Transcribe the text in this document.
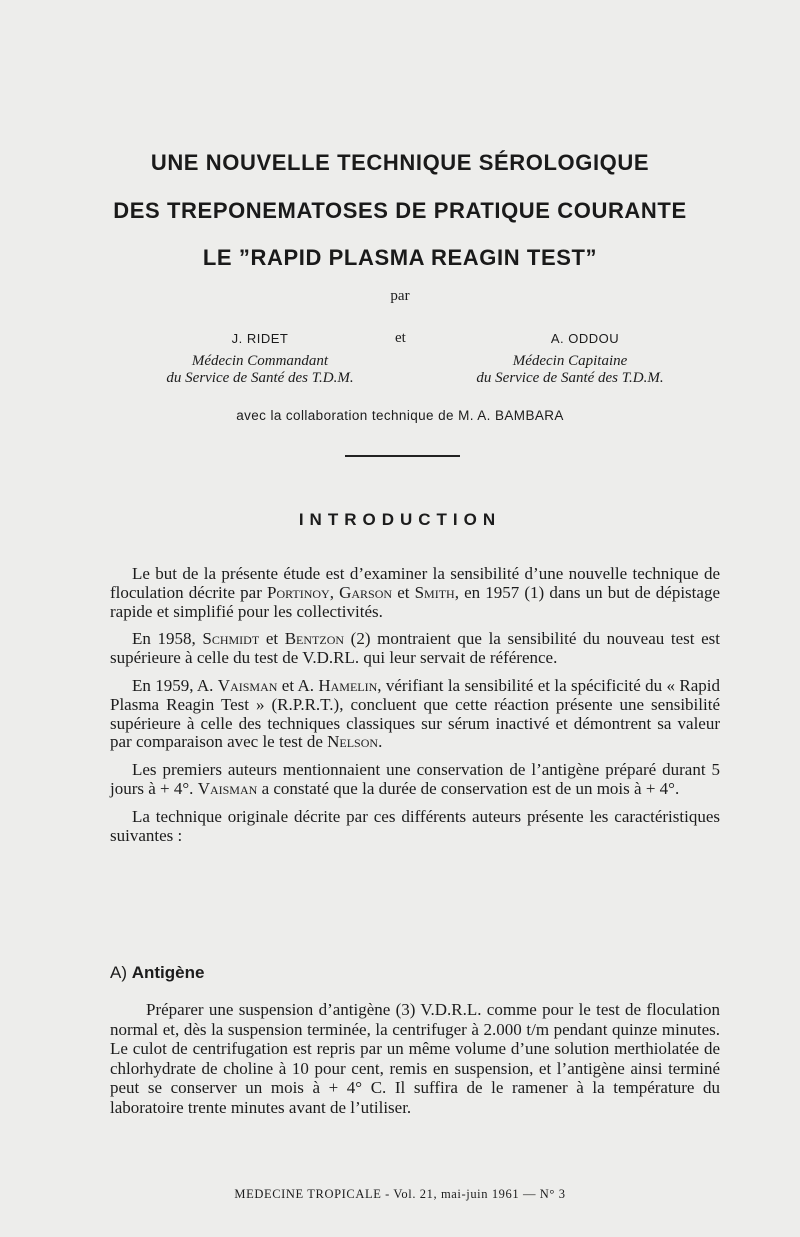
UNE NOUVELLE TECHNIQUE SÉROLOGIQUE
DES TREPONEMATOSES DE PRATIQUE COURANTE
LE ”RAPID PLASMA REAGIN TEST”
par
J. RIDET	et	A. ODDOU
Médecin Commandant
du Service de Santé des T.D.M.
Médecin Capitaine
du Service de Santé des T.D.M.
avec la collaboration technique de M. A. BAMBARA
INTRODUCTION

Le but de la présente étude est d’examiner la sensibilité d’une nouvelle technique de floculation décrite par Portinoy, Garson et Smith, en 1957 (1) dans un but de dépistage rapide et simplifié pour les collectivités.

En 1958, Schmidt et Bentzon (2) montraient que la sensibilité du nouveau test est supérieure à celle du test de V.D.RL. qui leur servait de référence.

En 1959, A. Vaisman et A. Hamelin, vérifiant la sensibilité et la spécificité du « Rapid Plasma Reagin Test » (R.P.R.T.), concluent que cette réaction présente une sensibilité supérieure à celle des techniques classiques sur sérum inactivé et démontrent sa valeur par comparaison avec le test de Nelson.

Les premiers auteurs mentionnaient une conservation de l’antigène préparé durant 5 jours à + 4°. Vaisman a constaté que la durée de conservation est de un mois à + 4°.

La technique originale décrite par ces différents auteurs présente les caractéristiques suivantes :

A) Antigène

Préparer une suspension d’antigène (3) V.D.R.L. comme pour le test de floculation normal et, dès la suspension terminée, la centrifuger à 2.000 t/m pendant quinze minutes. Le culot de centrifugation est repris par un même volume d’une solution merthiolatée de chlorhydrate de choline à 10 pour cent, remis en suspension, et l’antigène ainsi terminé peut se conserver un mois à + 4° C. Il suffira de le ramener à la température du laboratoire trente minutes avant de l’utiliser.

MEDECINE TROPICALE - Vol. 21, mai-juin 1961 — N° 3
